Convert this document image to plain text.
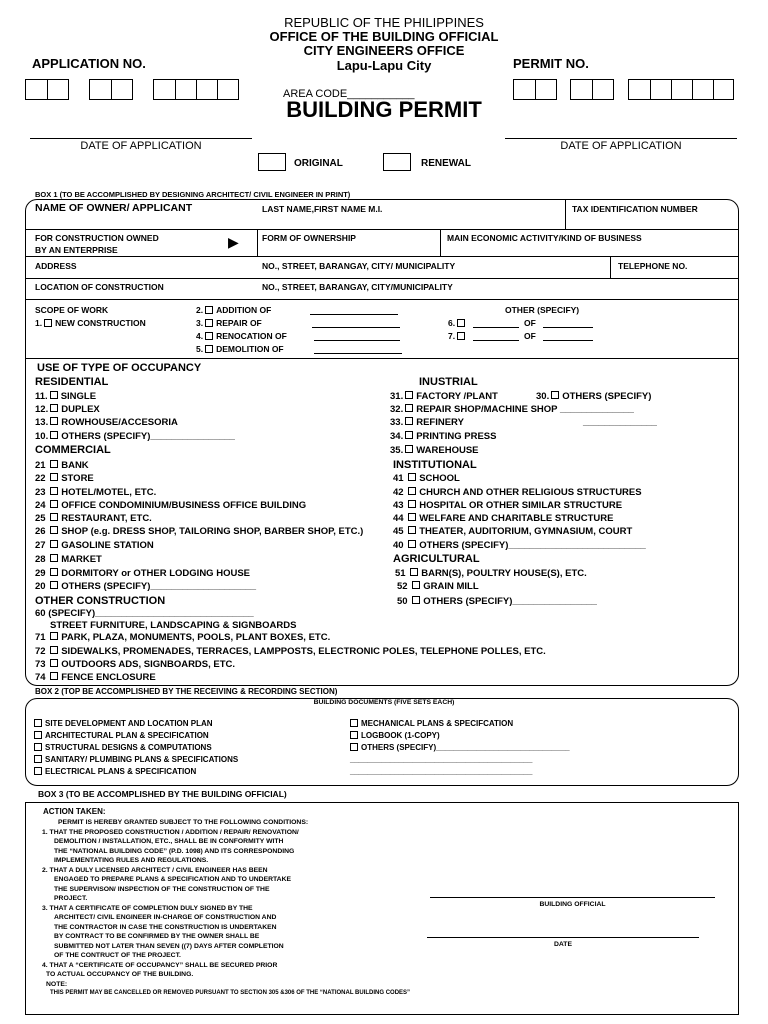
REPUBLIC OF THE PHILIPPINES
OFFICE OF THE BUILDING OFFICIAL
CITY ENGINEERS OFFICE
Lapu-Lapu City
APPLICATION NO.	PERMIT NO.
AREA CODE___________
BUILDING PERMIT
DATE OF APPLICATION	DATE OF APPLICATION
ORIGINAL	RENEWAL
BOX 1 (TO BE ACCOMPLISHED BY DESIGNING ARCHITECT/ CIVIL ENGINEER IN PRINT)
NAME OF OWNER/ APPLICANT	LAST NAME,FIRST NAME M.I.	TAX IDENTIFICATION NUMBER
FOR CONSTRUCTION OWNED
BY AN ENTERPRISE	▶	FORM OF OWNERSHIP	MAIN ECONOMIC ACTIVITY/KIND OF BUSINESS
ADDRESS	NO., STREET, BARANGAY, CITY/ MUNICIPALITY	TELEPHONE NO.
LOCATION OF CONSTRUCTION	NO., STREET, BARANGAY, CITY/MUNICIPALITY
SCOPE OF WORK
1. NEW CONSTRUCTION
2. ADDITION OF
3. REPAIR OF
4. RENOCATION OF
5. DEMOLITION OF
OTHER (SPECIFY)
6.	OF
7.	OF
USE OF TYPE OF OCCUPANCY
RESIDENTIAL
11. SINGLE
12. DUPLEX
13. ROWHOUSE/ACCESORIA
10. OTHERS (SPECIFY)________________
COMMERCIAL
21 BANK
22 STORE
23 HOTEL/MOTEL, ETC.
24 OFFICE CONDOMINIUM/BUSINESS OFFICE BUILDING
25 RESTAURANT, ETC.
26 SHOP (e.g. DRESS SHOP, TAILORING SHOP, BARBER SHOP, ETC.)
27 GASOLINE STATION
28 MARKET
29 DORMITORY or OTHER LODGING HOUSE
20 OTHERS (SPECIFY)____________________
OTHER CONSTRUCTION
60 (SPECIFY)______________________________
STREET FURNITURE, LANDSCAPING & SIGNBOARDS
71 PARK, PLAZA, MONUMENTS, POOLS, PLANT BOXES, ETC.
72 SIDEWALKS, PROMENADES, TERRACES, LAMPPOSTS, ELECTRONIC POLES, TELEPHONE POLLES, ETC.
73 OUTDOORS ADS, SIGNBOARDS, ETC.
74 FENCE ENCLOSURE
INUSTRIAL
31. FACTORY /PLANT	30. OTHERS (SPECIFY)
32. REPAIR SHOP/MACHINE SHOP ______________
33. REFINERY	______________
34. PRINTING PRESS
35. WAREHOUSE
INSTITUTIONAL
41 SCHOOL
42 CHURCH AND OTHER RELIGIOUS STRUCTURES
43 HOSPITAL OR OTHER SIMILAR STRUCTURE
44 WELFARE AND CHARITABLE STRUCTURE
45 THEATER, AUDITORIUM, GYMNASIUM, COURT
40 OTHERS (SPECIFY)__________________________
AGRICULTURAL
51 BARN(S), POULTRY HOUSE(S), ETC.
52 GRAIN MILL
50 OTHERS (SPECIFY)________________
BOX 2 (TOP BE ACCOMPLISHED BY THE RECEIVING & RECORDING SECTION)
BUILDING DOCUMENTS (FIVE SETS EACH)
SITE DEVELOPMENT AND LOCATION PLAN
ARCHITECTURAL PLAN & SPECIFICATION
STRUCTURAL DESIGNS & COMPUTATIONS
SANITARY/ PLUMBING PLANS & SPECIFICATIONS
ELECTRICAL PLANS & SPECIFICATION
MECHANICAL PLANS & SPECIFCATION
LOGBOOK (1-COPY)
OTHERS (SPECIFY)______________________________
_________________________________________
_________________________________________
BOX 3 (TO BE ACCOMPLISHED BY THE BUILDING OFFICIAL)
ACTION TAKEN:
PERMIT IS HEREBY GRANTED SUBJECT TO THE FOLLOWING CONDITIONS:
1. THAT THE PROPOSED CONSTRUCTION / ADDITION / REPAIR/ RENOVATION/
DEMOLITION / INSTALLATION, ETC., SHALL BE IN CONFORMITY WITH
THE “NATIONAL BUILDING CODE” (P.D. 1098) AND ITS CORRESPONDING
IMPLEMENTATING RULES AND REGULATIONS.
2. THAT A DULY LICENSED ARCHITECT / CIVIL ENGINEER HAS BEEN
ENGAGED TO PREPARE PLANS & SPECIFICATION AND TO UNDERTAKE
THE SUPERVISON/ INSPECTION OF THE CONSTRUCTION OF THE
PROJECT.
3. THAT A CERTIFICATE OF COMPLETION DULY SIGNED BY THE
ARCHITECT/ CIVIL ENGINEER IN-CHARGE OF CONSTRUCTION AND
THE CONTRACTOR IN CASE THE CONSTRUCTION IS UNDERTAKEN
BY CONTRACT TO BE CONFIRMED BY THE OWNER SHALL BE
SUBMITTED NOT LATER THAN SEVEN ((7) DAYS AFTER COMPLETION
OF THE CONTRUCT OF THE PROJECT.
4. THAT A “CERTIFICATE OF OCCUPANCY” SHALL BE SECURED PRIOR
TO ACTUAL OCCUPANCY OF THE BUILDING.
NOTE:
THIS PERMIT MAY BE CANCELLED OR REMOVED PURSUANT TO SECTION 305 &306 OF THE “NATIONAL BUILDING CODES”
BUILDING OFFICIAL
DATE
